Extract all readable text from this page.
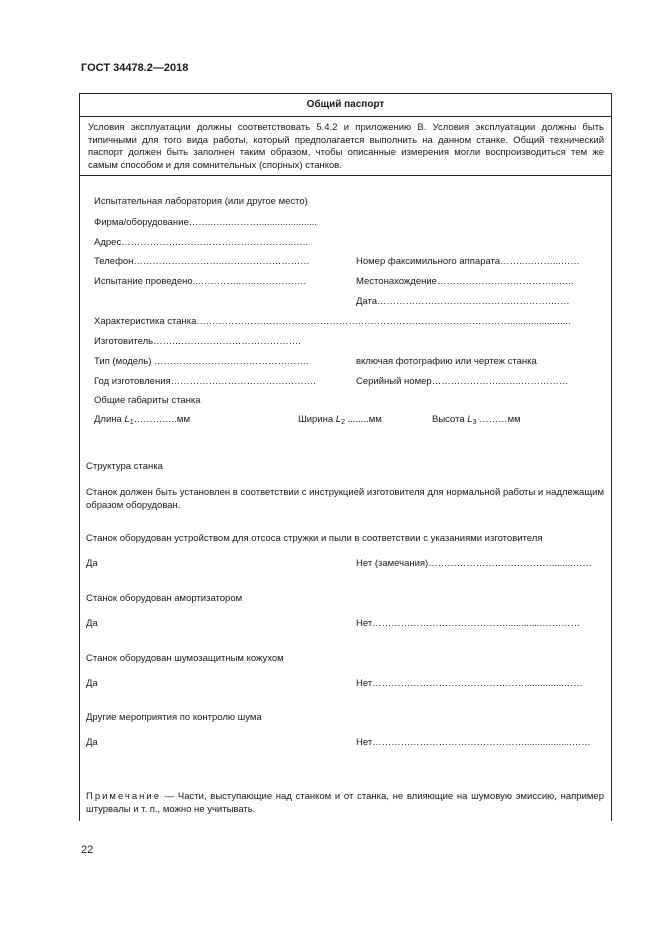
ГОСТ 34478.2—2018
Общий паспорт
Условия эксплуатации должны соответствовать 5.4.2 и приложению В. Условия эксплуатации должны быть типичными для того вида работы, который предполагается выполнить на данном станке. Общий технический паспорт должен быть заполнен таким образом, чтобы описанные измерения могли воспроизводиться тем же самым способом и для сомнительных (спорных) станков.
Испытательная лаборатория (или другое место)
Фирма/оборудование……..…...………......................
Адрес……………….…….………………………..…..
Телефон………………………..………………………	Номер факсимильного аппарата……..………...……
Испытание проведено..…………..…..…………….	Местонахождение………………………………...…..
Дата……………………………………………….……
Характеристика станка……………………………………………………………………………………….......................
Изготовитель…….………………………………….
Тип (модель) ………………………………………….	включая фотографию или чертеж станка
Год изготовления……………………………………….	Серийный номер…………………...…..……………
Общие габариты станка
Длина $L_1\dots\dots\dots\dots..мм$	Ширина $L_2$ ........мм	Высота $L_3$ ………мм
Структура станка
Станок должен быть установлен в соответствии с инструкцией изготовителя для нормальной работы и надлежащим образом оборудован.
Станок оборудован устройством для отсоса стружки и пыли в соответствии с указаниями изготовителя
Да	Нет (замечания)…………………………………........……
Станок оборудован амортизатором
Да	Нет……………………………………..............…………
Станок оборудован шумозащитным кожухом
Да	Нет…………………………………………...............……
Другие мероприятия по контролю шума
Да	Нет…………………………………………..................……
Примечание — Части, выступающие над станком и от станка, не влияющие на шумовую эмиссию, например штурвалы и т. п., можно не учитывать.
22
